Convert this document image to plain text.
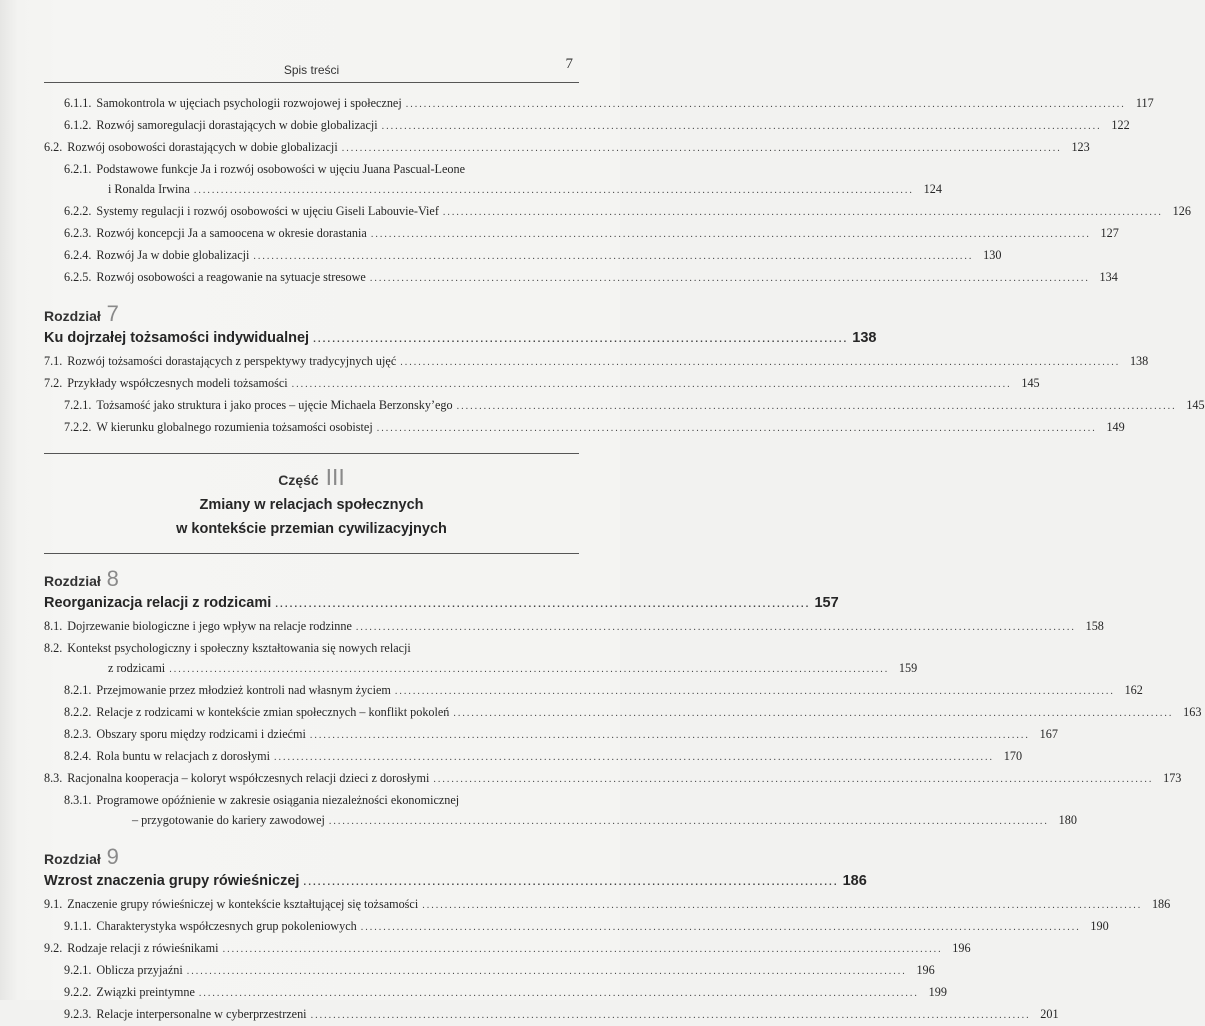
Spis treści	7
6.1.1. Samokontrola w ujęciach psychologii rozwojowej i społecznej ................................................................................................................................................................ 117
6.1.2. Rozwój samoregulacji dorastających w dobie globalizacji ................................................................................................................................................................ 122
6.2. Rozwój osobowości dorastających w dobie globalizacji ................................................................................................................................................................ 123
6.2.1. Podstawowe funkcje Ja i rozwój osobowości w ujęciu Juana Pascual-Leone
i Ronalda Irwina ................................................................................................................................................................ 124
6.2.2. Systemy regulacji i rozwój osobowości w ujęciu Giseli Labouvie-Vief ................................................................................................................................................................ 126
6.2.3. Rozwój koncepcji Ja a samoocena w okresie dorastania ................................................................................................................................................................ 127
6.2.4. Rozwój Ja w dobie globalizacji ................................................................................................................................................................ 130
6.2.5. Rozwój osobowości a reagowanie na sytuacje stresowe ................................................................................................................................................................ 134
Rozdział 7
Ku dojrzałej tożsamości indywidualnej ................................................................................................................ 138
7.1. Rozwój tożsamości dorastających z perspektywy tradycyjnych ujęć ................................................................................................................................................................ 138
7.2. Przykłady współczesnych modeli tożsamości ................................................................................................................................................................ 145
7.2.1. Tożsamość jako struktura i jako proces – ujęcie Michaela Berzonsky’ego ................................................................................................................................................................ 145
7.2.2. W kierunku globalnego rozumienia tożsamości osobistej ................................................................................................................................................................ 149
Część III
Zmiany w relacjach społecznych
w kontekście przemian cywilizacyjnych
Rozdział 8
Reorganizacja relacji z rodzicami ................................................................................................................ 157
8.1. Dojrzewanie biologiczne i jego wpływ na relacje rodzinne ................................................................................................................................................................ 158
8.2. Kontekst psychologiczny i społeczny kształtowania się nowych relacji
z rodzicami ................................................................................................................................................................ 159
8.2.1. Przejmowanie przez młodzież kontroli nad własnym życiem ................................................................................................................................................................ 162
8.2.2. Relacje z rodzicami w kontekście zmian społecznych – konflikt pokoleń ................................................................................................................................................................ 163
8.2.3. Obszary sporu między rodzicami i dziećmi ................................................................................................................................................................ 167
8.2.4. Rola buntu w relacjach z dorosłymi ................................................................................................................................................................ 170
8.3. Racjonalna kooperacja – koloryt współczesnych relacji dzieci z dorosłymi ................................................................................................................................................................ 173
8.3.1. Programowe opóźnienie w zakresie osiągania niezależności ekonomicznej
– przygotowanie do kariery zawodowej ................................................................................................................................................................ 180
Rozdział 9
Wzrost znaczenia grupy rówieśniczej ................................................................................................................ 186
9.1. Znaczenie grupy rówieśniczej w kontekście kształtującej się tożsamości ................................................................................................................................................................ 186
9.1.1. Charakterystyka współczesnych grup pokoleniowych ................................................................................................................................................................ 190
9.2. Rodzaje relacji z rówieśnikami ................................................................................................................................................................ 196
9.2.1. Oblicza przyjaźni ................................................................................................................................................................ 196
9.2.2. Związki preintymne ................................................................................................................................................................ 199
9.2.3. Relacje interpersonalne w cyberprzestrzeni ................................................................................................................................................................ 201
